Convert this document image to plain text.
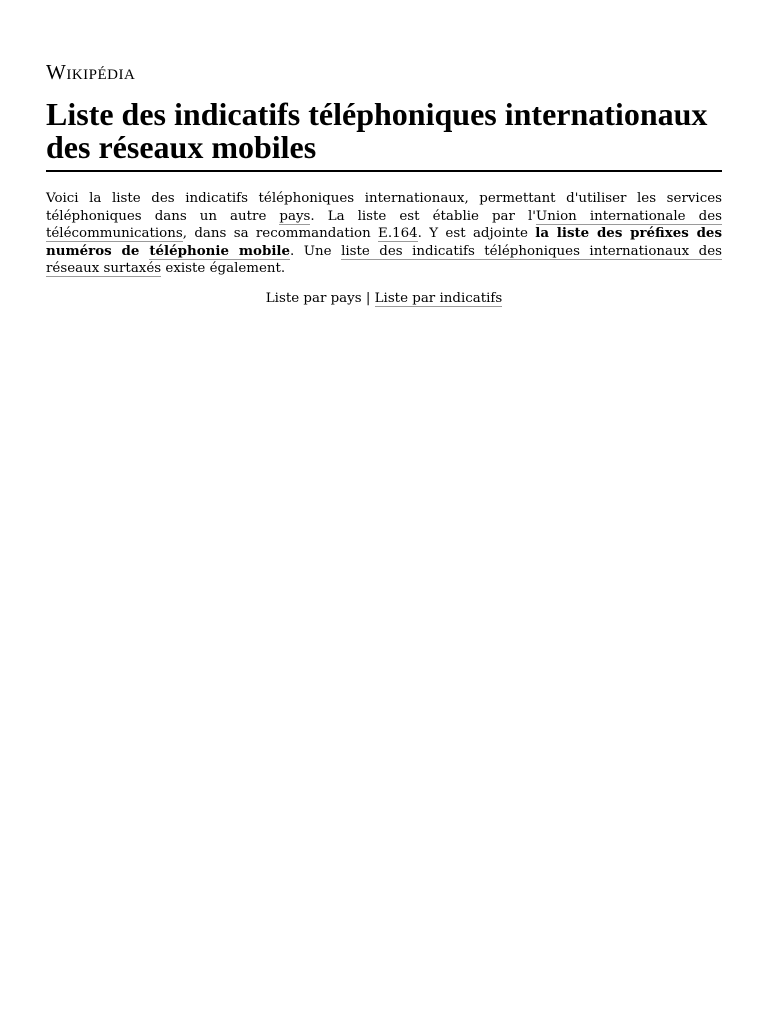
Wikipédia
Liste des indicatifs téléphoniques internationaux des réseaux mobiles

Voici la liste des indicatifs téléphoniques internationaux, permettant d'utiliser les services téléphoniques dans un autre pays. La liste est établie par l'Union internationale des télécommunications, dans sa recommandation E.164. Y est adjointe la liste des préfixes des numéros de téléphonie mobile. Une liste des indicatifs téléphoniques internationaux des réseaux surtaxés existe également.

Liste par pays | Liste par indicatifs
